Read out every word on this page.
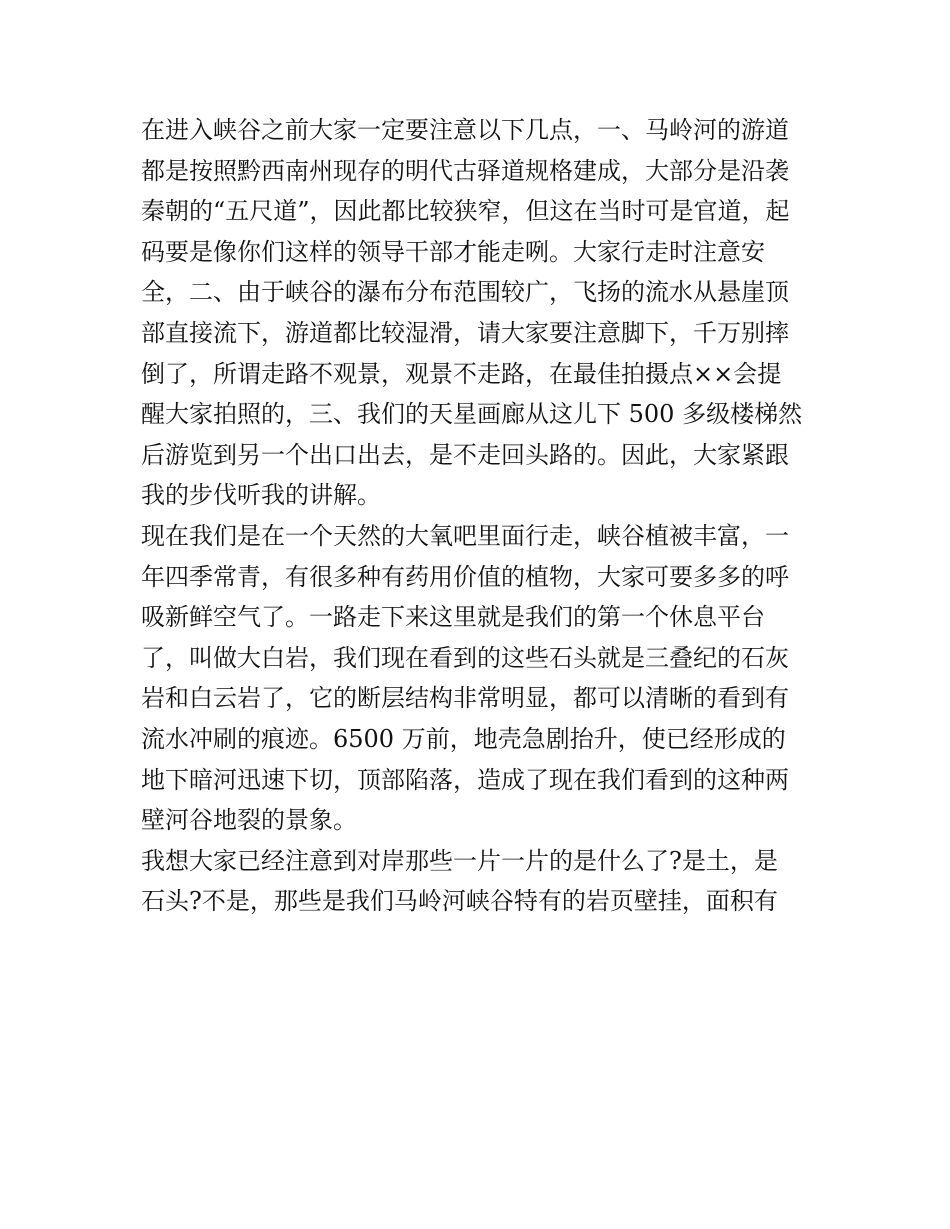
在进入峡谷之前大家一定要注意以下几点，一、马岭河的游道
都是按照黔西南州现存的明代古驿道规格建成，大部分是沿袭
秦朝的“五尺道”，因此都比较狭窄，但这在当时可是官道，起
码要是像你们这样的领导干部才能走咧。大家行走时注意安
全，二、由于峡谷的瀑布分布范围较广，飞扬的流水从悬崖顶
部直接流下，游道都比较湿滑，请大家要注意脚下，千万别摔
倒了，所谓走路不观景，观景不走路，在最佳拍摄点××会提
醒大家拍照的，三、我们的天星画廊从这儿下 500 多级楼梯然
后游览到另一个出口出去，是不走回头路的。因此，大家紧跟
我的步伐听我的讲解。
现在我们是在一个天然的大氧吧里面行走，峡谷植被丰富，一
年四季常青，有很多种有药用价值的植物，大家可要多多的呼
吸新鲜空气了。一路走下来这里就是我们的第一个休息平台
了，叫做大白岩，我们现在看到的这些石头就是三叠纪的石灰
岩和白云岩了，它的断层结构非常明显，都可以清晰的看到有
流水冲刷的痕迹。6500 万前，地壳急剧抬升，使已经形成的
地下暗河迅速下切，顶部陷落，造成了现在我们看到的这种两
壁河谷地裂的景象。
我想大家已经注意到对岸那些一片一片的是什么了?是土，是
石头?不是，那些是我们马岭河峡谷特有的岩页壁挂，面积有
